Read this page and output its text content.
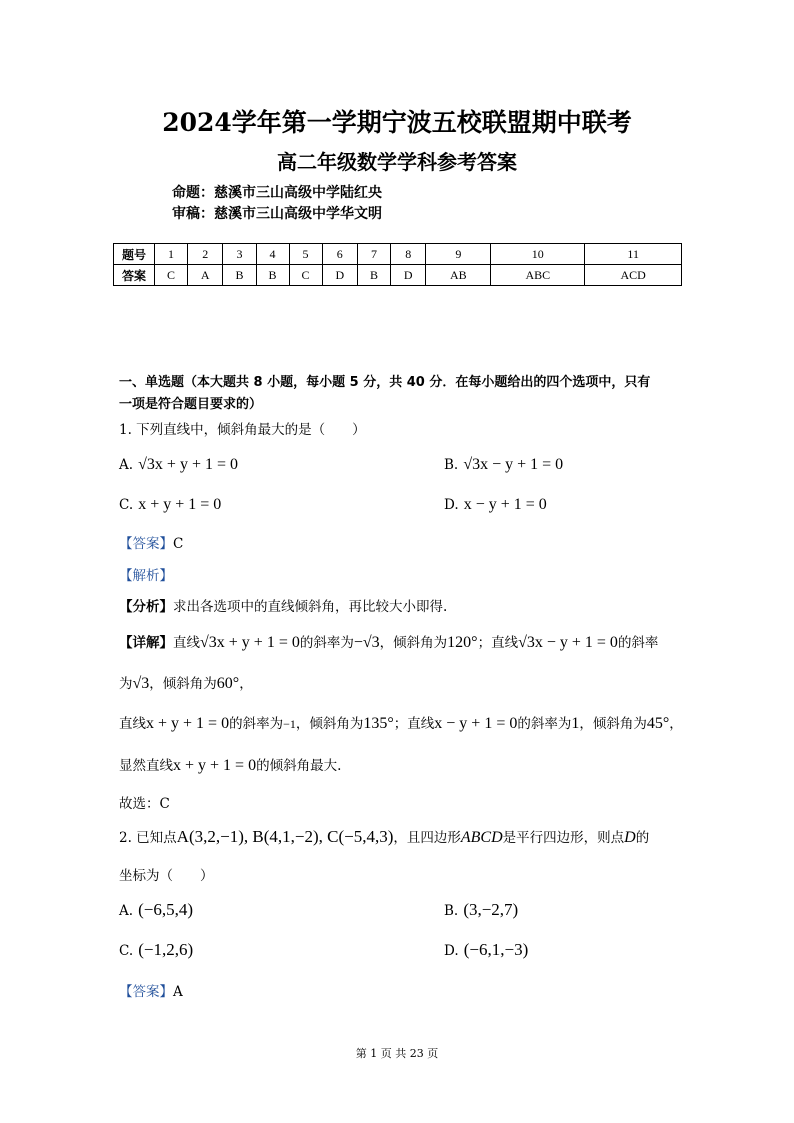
2024学年第一学期宁波五校联盟期中联考
高二年级数学学科参考答案
命题：慈溪市三山高级中学陆红央
审稿：慈溪市三山高级中学华文明
题号	1	2	3	4	5	6	7	8	9	10	11
答案	C	A	B	B	C	D	B	D	AB	ABC	ACD
一、单选题（本大题共 8 小题，每小题 5 分，共 40 分．在每小题给出的四个选项中，只有
一项是符合题目要求的）
1. 下列直线中，倾斜角最大的是（　　）
A. √3x + y + 1 = 0	B. √3x − y + 1 = 0
C. x + y + 1 = 0	D. x − y + 1 = 0
【答案】C
【解析】
【分析】求出各选项中的直线倾斜角，再比较大小即得.
【详解】直线√3x + y + 1 = 0的斜率为−√3，倾斜角为120°；直线√3x − y + 1 = 0的斜率
为√3，倾斜角为60°，
直线x + y + 1 = 0的斜率为−1，倾斜角为135°；直线x − y + 1 = 0的斜率为1，倾斜角为45°，
显然直线x + y + 1 = 0的倾斜角最大.
故选：C
2. 已知点A(3,2,−1), B(4,1,−2), C(−5,4,3)，且四边形ABCD是平行四边形，则点D的
坐标为（　　）
A. (−6,5,4)	B. (3,−2,7)
C. (−1,2,6)	D. (−6,1,−3)
【答案】A
第 1 页 共 23 页
